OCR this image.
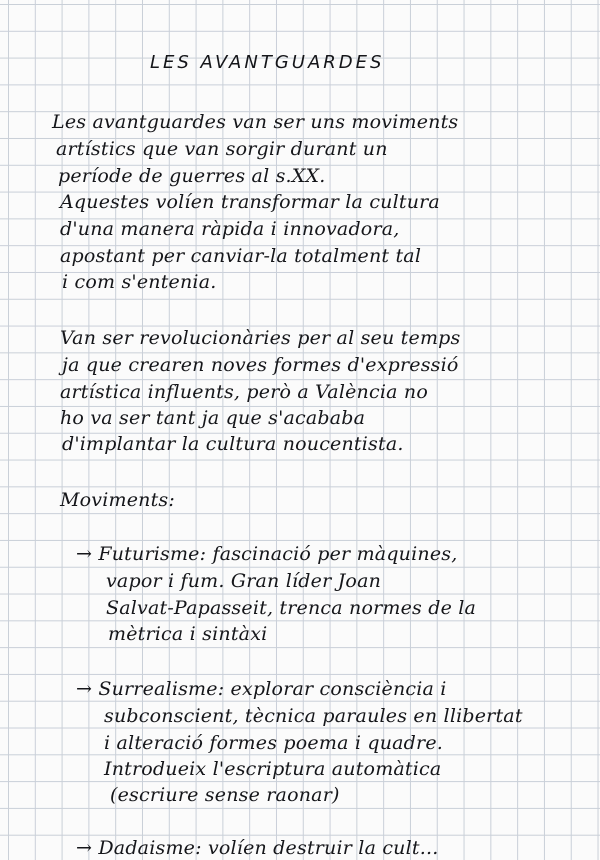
LES AVANTGUARDES
Les avantguardes van ser uns moviments
artístics que van sorgir durant un
període de guerres al s.XX.
Aquestes volíen transformar la cultura
d'una manera ràpida i innovadora,
apostant per canviar-la totalment tal
i com s'entenia.
Van ser revolucionàries per al seu temps
ja que crearen noves formes d'expressió
artística influents, però a València no
ho va ser tant ja que s'acababa
d'implantar la cultura noucentista.
Moviments:
→ Futurisme: fascinació per màquines,
vapor i fum. Gran líder Joan
Salvat-Papasseit, trenca normes de la
mètrica i sintàxi
→ Surrealisme: explorar consciència i
subconscient, tècnica paraules en llibertat
i alteració formes poema i quadre.
Introdueix l'escriptura automàtica
(escriure sense raonar)
→ Dadaisme: volíen destruir la cult...
